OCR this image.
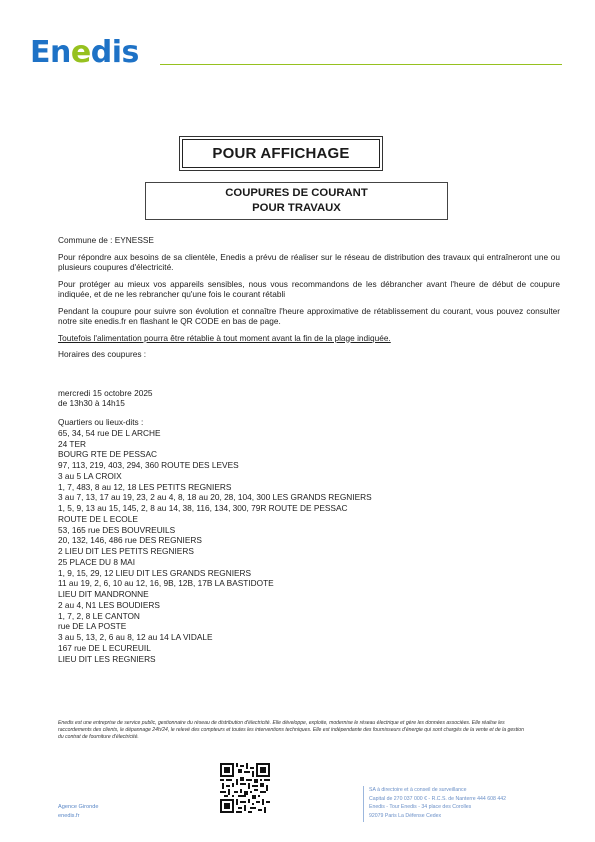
En e dis
POUR AFFICHAGE
COUPURES DE COURANT
POUR TRAVAUX

Commune de : EYNESSE

Pour répondre aux besoins de sa clientèle, Enedis a prévu de réaliser sur le réseau de distribution des travaux qui entraîneront une ou plusieurs coupures d'électricité.

Pour protéger au mieux vos appareils sensibles, nous vous recommandons de les débrancher avant l'heure de début de coupure indiquée, et de ne les rebrancher qu'une fois le courant rétabli

Pendant la coupure pour suivre son évolution et connaître l'heure approximative de rétablissement du courant, vous pouvez consulter notre site enedis.fr en flashant le QR CODE en bas de page.

Toutefois l'alimentation pourra être rétablie à tout moment avant la fin de la plage indiquée.

Horaires des coupures :

mercredi 15 octobre 2025
de 13h30 à 14h15
Quartiers ou lieux-dits :
65, 34, 54 rue DE L ARCHE
24 TER
BOURG RTE DE PESSAC
97, 113, 219, 403, 294, 360 ROUTE DES LEVES
3 au 5 LA CROIX
1, 7, 483, 8 au 12, 18 LES PETITS REGNIERS
3 au 7, 13, 17 au 19, 23, 2 au 4, 8, 18 au 20, 28, 104, 300 LES GRANDS REGNIERS
1, 5, 9, 13 au 15, 145, 2, 8 au 14, 38, 116, 134, 300, 79R ROUTE DE PESSAC
ROUTE DE L ECOLE
53, 165 rue DES BOUVREUILS
20, 132, 146, 486 rue DES REGNIERS
2 LIEU DIT LES PETITS REGNIERS
25 PLACE DU 8 MAI
1, 9, 15, 29, 12 LIEU DIT LES GRANDS REGNIERS
11 au 19, 2, 6, 10 au 12, 16, 9B, 12B, 17B LA BASTIDOTE
LIEU DIT MANDRONNE
2 au 4, N1 LES BOUDIERS
1, 7, 2, 8 LE CANTON
rue DE LA POSTE
3 au 5, 13, 2, 6 au 8, 12 au 14 LA VIDALE
167 rue DE L ECUREUIL
LIEU DIT LES REGNIERS
Enedis est une entreprise de service public, gestionnaire du réseau de distribution d'électricité. Elle développe, exploite, modernise le réseau électrique et gère les données associées. Elle réalise les raccordements des clients, le dépannage 24h/24, le relevé des compteurs et toutes les interventions techniques. Elle est indépendante des fournisseurs d'énergie qui sont chargés de la vente et de la gestion du contrat de fourniture d'électricité.
Agence Gironde
enedis.fr
SA à directoire et à conseil de surveillance
Capital de 270 037 000 € - R.C.S. de Nanterre 444 608 442
Enedis - Tour Enedis - 34 place des Corolles
92079 Paris La Défense Cedex
